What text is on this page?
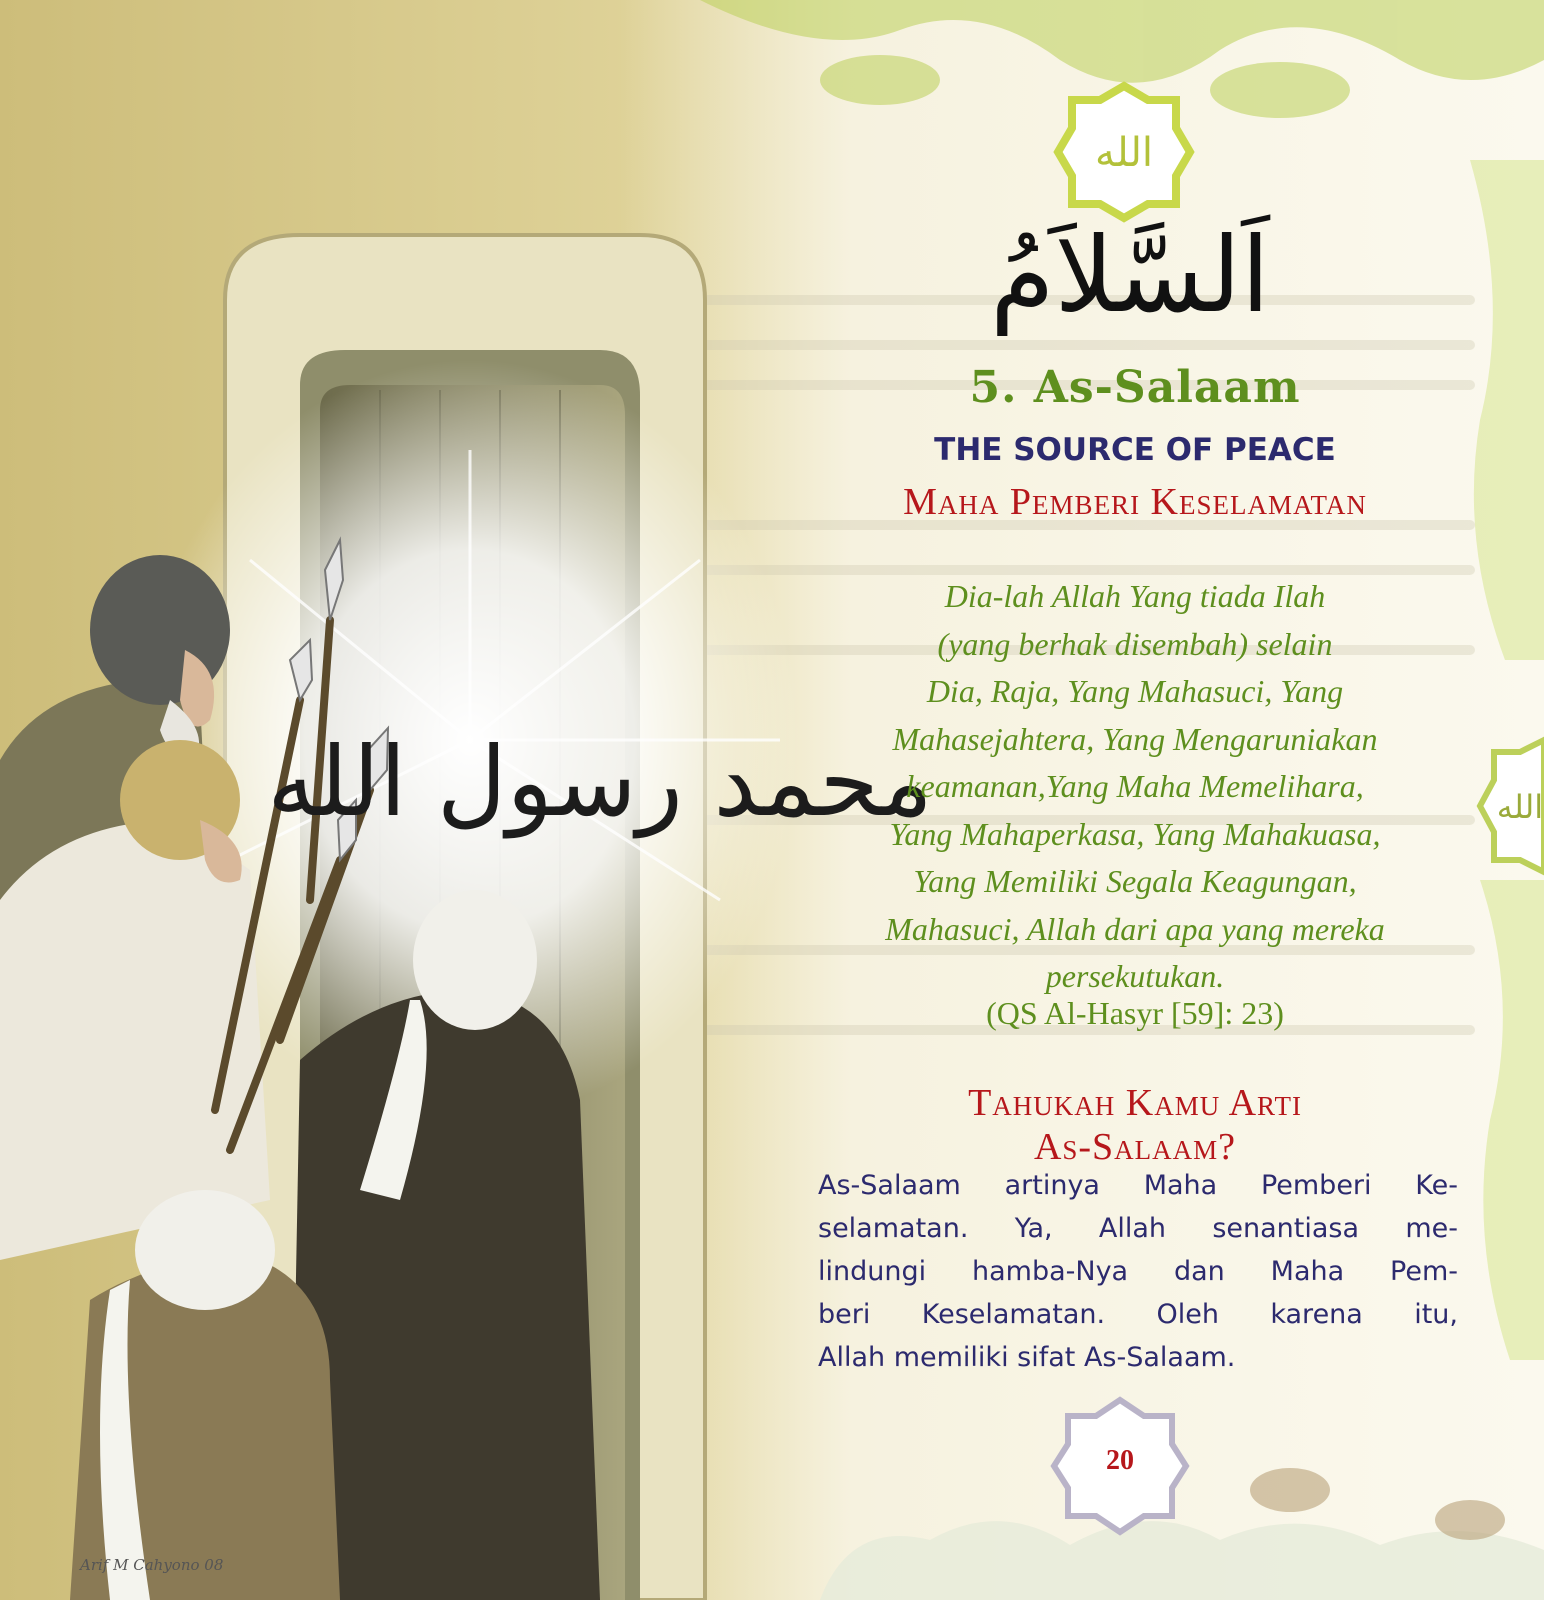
محمد رسول الله
الله
الله
اَلسَّلاَمُ
5. As-Salaam
THE SOURCE OF PEACE
Maha Pemberi Keselamatan
Dia-lah Allah Yang tiada Ilah
(yang berhak disembah) selain
Dia, Raja, Yang Mahasuci, Yang
Mahasejahtera, Yang Mengaruniakan
keamanan,Yang Maha Memelihara,
Yang Mahaperkasa, Yang Mahakuasa,
Yang Memiliki Segala Keagungan,
Mahasuci, Allah dari apa yang mereka
persekutukan.
(QS Al-Hasyr [59]: 23)
Tahukah Kamu Arti
As-Salaam?
As-Salaam artinya Maha Pemberi Ke-
selamatan. Ya, Allah senantiasa me-
lindungi hamba-Nya dan Maha Pem-
beri Keselamatan. Oleh karena itu,
Allah memiliki sifat As-Salaam.
20
Arif M Cahyono 08
